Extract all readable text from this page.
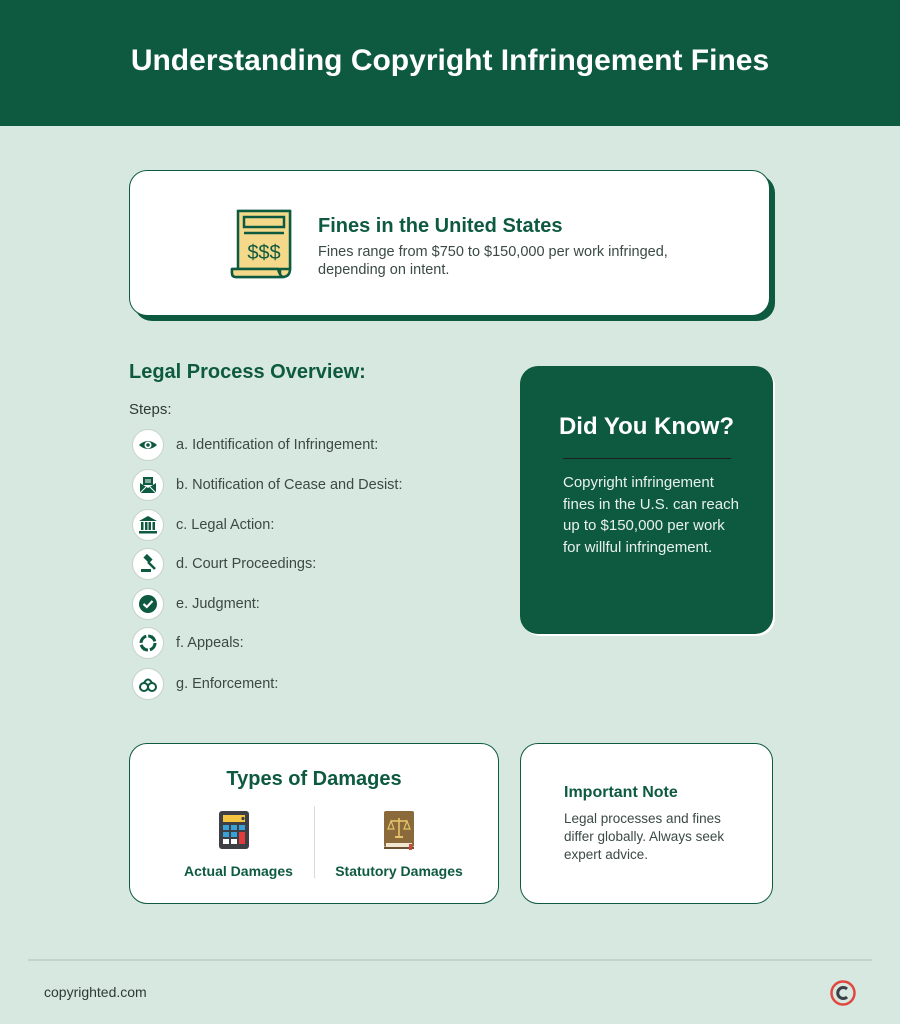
Understanding Copyright Infringement Fines
$$$
Fines in the United States
Fines range from $750 to $150,000 per work infringed, depending on intent.
Legal Process Overview:
Steps:
a. Identification of Infringement:
b. Notification of Cease and Desist:
c. Legal Action:
d. Court Proceedings:
e. Judgment:
f. Appeals:
g. Enforcement:
Did You Know?
Copyright infringement fines in the U.S. can reach up to $150,000 per work for willful infringement.
Types of Damages
Actual Damages	Statutory Damages
Important Note
Legal processes and fines differ globally. Always seek expert advice.
copyrighted.com
